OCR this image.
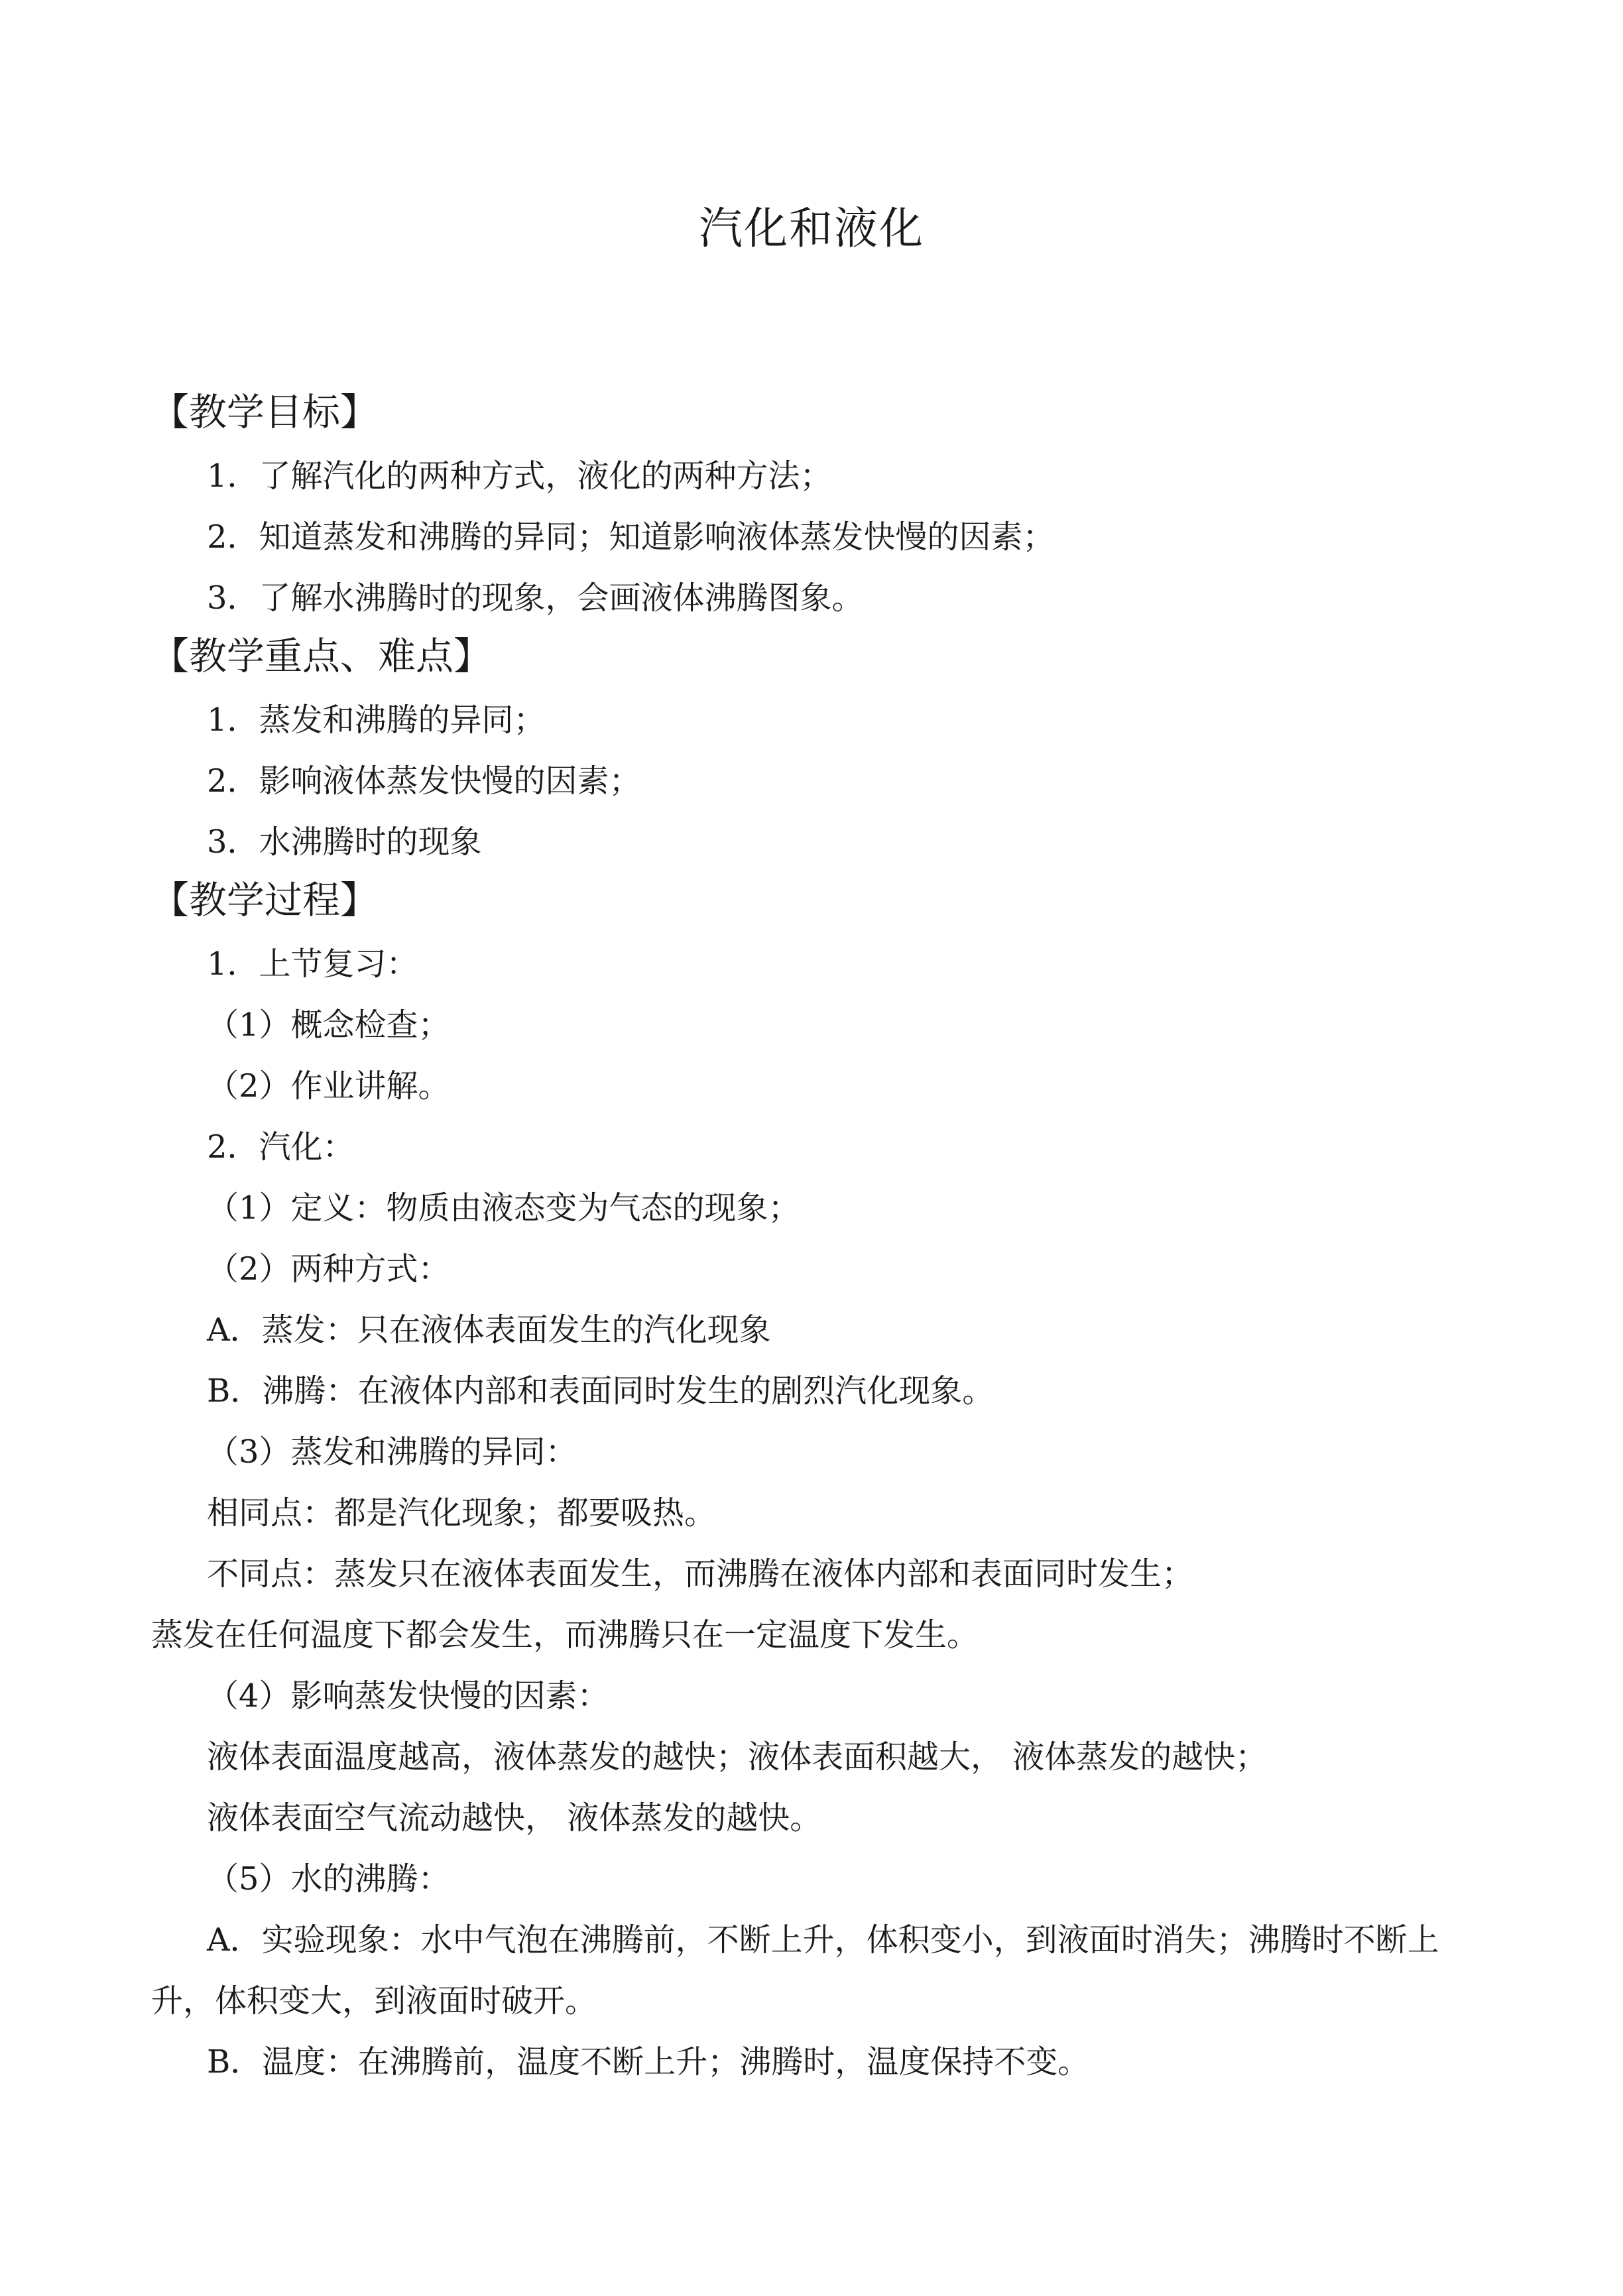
汽化和液化
【教学目标】
1．了解汽化的两种方式，液化的两种方法；
2．知道蒸发和沸腾的异同；知道影响液体蒸发快慢的因素；
3．了解水沸腾时的现象，会画液体沸腾图象。
【教学重点、难点】
1．蒸发和沸腾的异同；
2．影响液体蒸发快慢的因素；
3．水沸腾时的现象
【教学过程】
1．上节复习：
（1）概念检查；
（2）作业讲解。
2．汽化：
（1）定义：物质由液态变为气态的现象；
（2）两种方式：
A．蒸发：只在液体表面发生的汽化现象
B．沸腾：在液体内部和表面同时发生的剧烈汽化现象。
（3）蒸发和沸腾的异同：
相同点：都是汽化现象；都要吸热。
不同点：蒸发只在液体表面发生，而沸腾在液体内部和表面同时发生；
蒸发在任何温度下都会发生，而沸腾只在一定温度下发生。
（4）影响蒸发快慢的因素：
液体表面温度越高，液体蒸发的越快；液体表面积越大， 液体蒸发的越快；
液体表面空气流动越快， 液体蒸发的越快。
（5）水的沸腾：
A．实验现象：水中气泡在沸腾前，不断上升，体积变小，到液面时消失；沸腾时不断上
升，体积变大，到液面时破开。
B．温度：在沸腾前，温度不断上升；沸腾时，温度保持不变。
